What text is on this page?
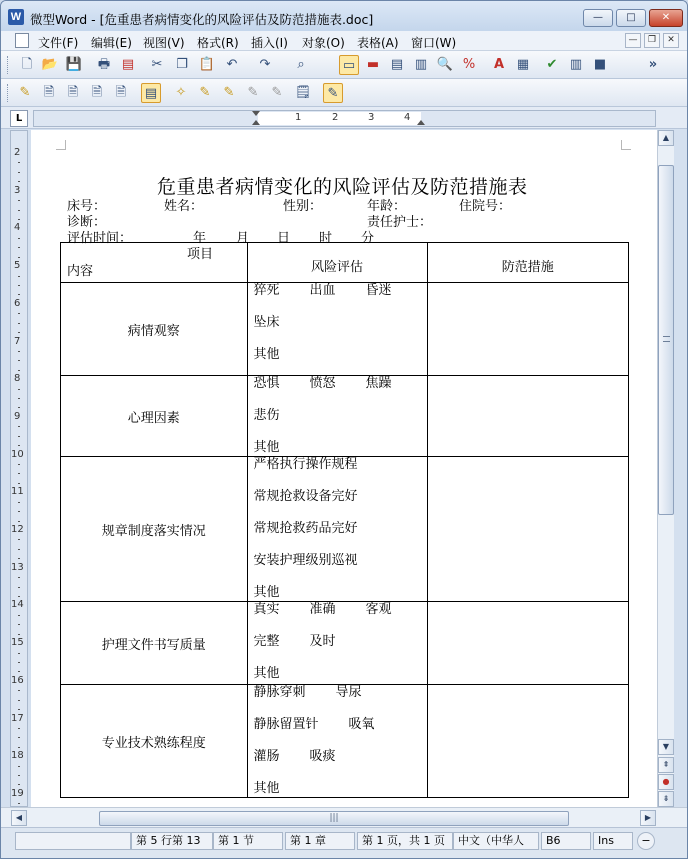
W 微型Word - [危重患者病情变化的风险评估及防范措施表.doc]	—	□	✕
文件(F) 编辑(E) 视图(V) 格式(R) 插入(I) 对象(O) 表格(A) 窗口(W)	—	❐	✕
🗋 📂 💾 🖶 ▤	✂	❐ 📋 ↶	↷	⌕	▭ ▬ ▤ ▥ 🔍 %	A ▦	✔ ▥ ■	»
✎	🗎	🗎	🗎	🗎	▤	✧	✎	✎	✎	✎ 🗒	✎
L	1	2	3	4
2
3
4
5
6
7
8
9
10
11
12
13
14
15
16
17
18
19
危重患者病情变化的风险评估及防范措施表
床号：	姓名：	性别：	年龄：	住院号：
诊断：	责任护士：
评估时间：	年 月 日 时 分
项目
内容	风险评估	防范措施
病情观察	猝死 出血 昏迷
坠床
其他	

心理因素	恐惧 愤怒 焦躁
悲伤
其他	

规章制度落实情况	严格执行操作规程
常规抢救设备完好
常规抢救药品完好
安装护理级别巡视
其他	

护理文件书写质量	真实 准确 客观
完整 及时
其他	

专业技术熟练程度	静脉穿刺 导尿
静脉留置针 吸氧
灌肠 吸痰
其他	

▲
▼
⇞
●
⇟
◀	|||	▶
第 5 行第 13	第 1 节	第 1 章	第 1 页，共 1 页	中文（中华人	B6	Ins	−
